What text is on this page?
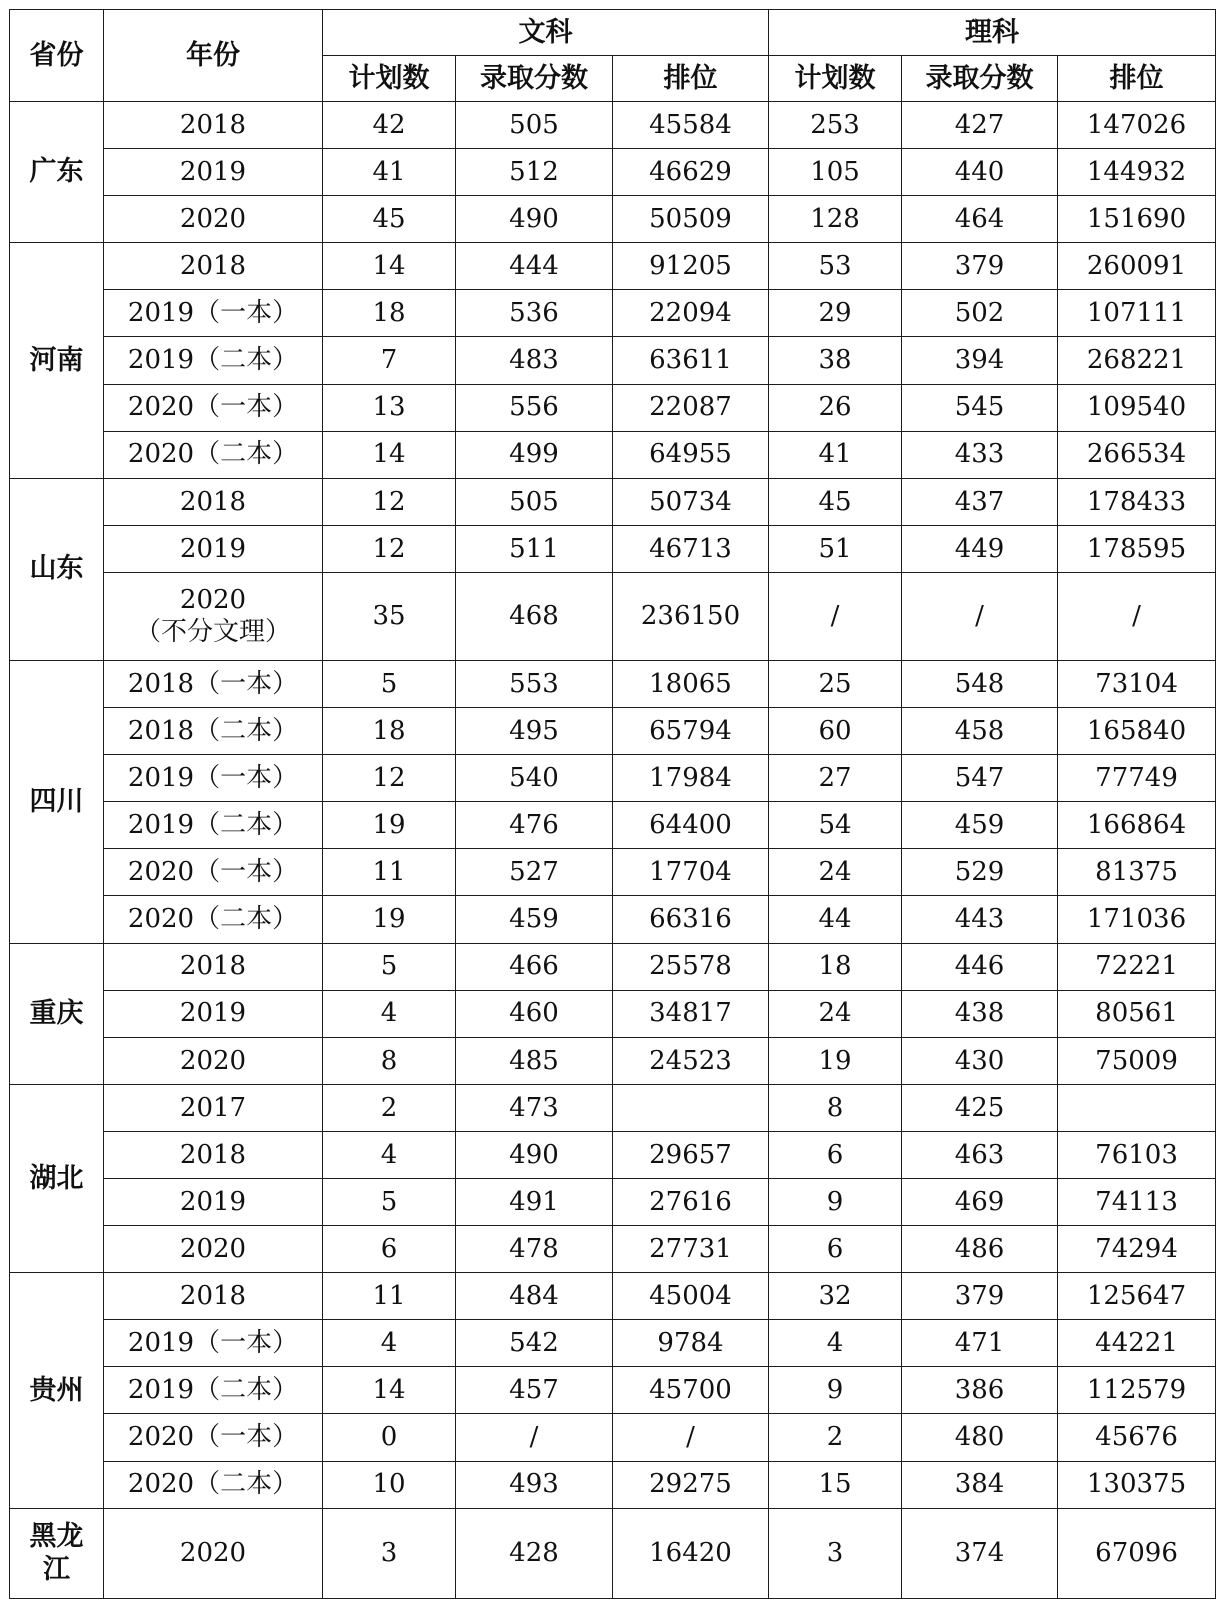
省份	年份	文科			理科		
		计划数	录取分数	排位	计划数	录取分数	排位
广东	2018	42	505	45584	253	427	147026

	2019	41	512	46629	105	440	144932

	2020	45	490	50509	128	464	151690
河南	2018	14	444	91205	53	379	260091

	2019（一本）	18	536	22094	29	502	107111

	2019（二本）	7	483	63611	38	394	268221

	2020（一本）	13	556	22087	26	545	109540

	2020（二本）	14	499	64955	41	433	266534
山东	2018	12	505	50734	45	437	178433

	2019	12	511	46713	51	449	178595

	2020
（不分文理）	35	468	236150	/	/	/
四川	2018（一本）	5	553	18065	25	548	73104

	2018（二本）	18	495	65794	60	458	165840

	2019（一本）	12	540	17984	27	547	77749

	2019（二本）	19	476	64400	54	459	166864

	2020（一本）	11	527	17704	24	529	81375

	2020（二本）	19	459	66316	44	443	171036
重庆	2018	5	466	25578	18	446	72221

	2019	4	460	34817	24	438	80561

	2020	8	485	24523	19	430	75009
湖北	2017	2	473		8	425	

	2018	4	490	29657	6	463	76103

	2019	5	491	27616	9	469	74113

	2020	6	478	27731	6	486	74294
贵州	2018	11	484	45004	32	379	125647

	2019（一本）	4	542	9784	4	471	44221

	2019（二本）	14	457	45700	9	386	112579

	2020（一本）	0	/	/	2	480	45676

	2020（二本）	10	493	29275	15	384	130375

黑龙
江	2020	3	428	16420	3	374	67096
